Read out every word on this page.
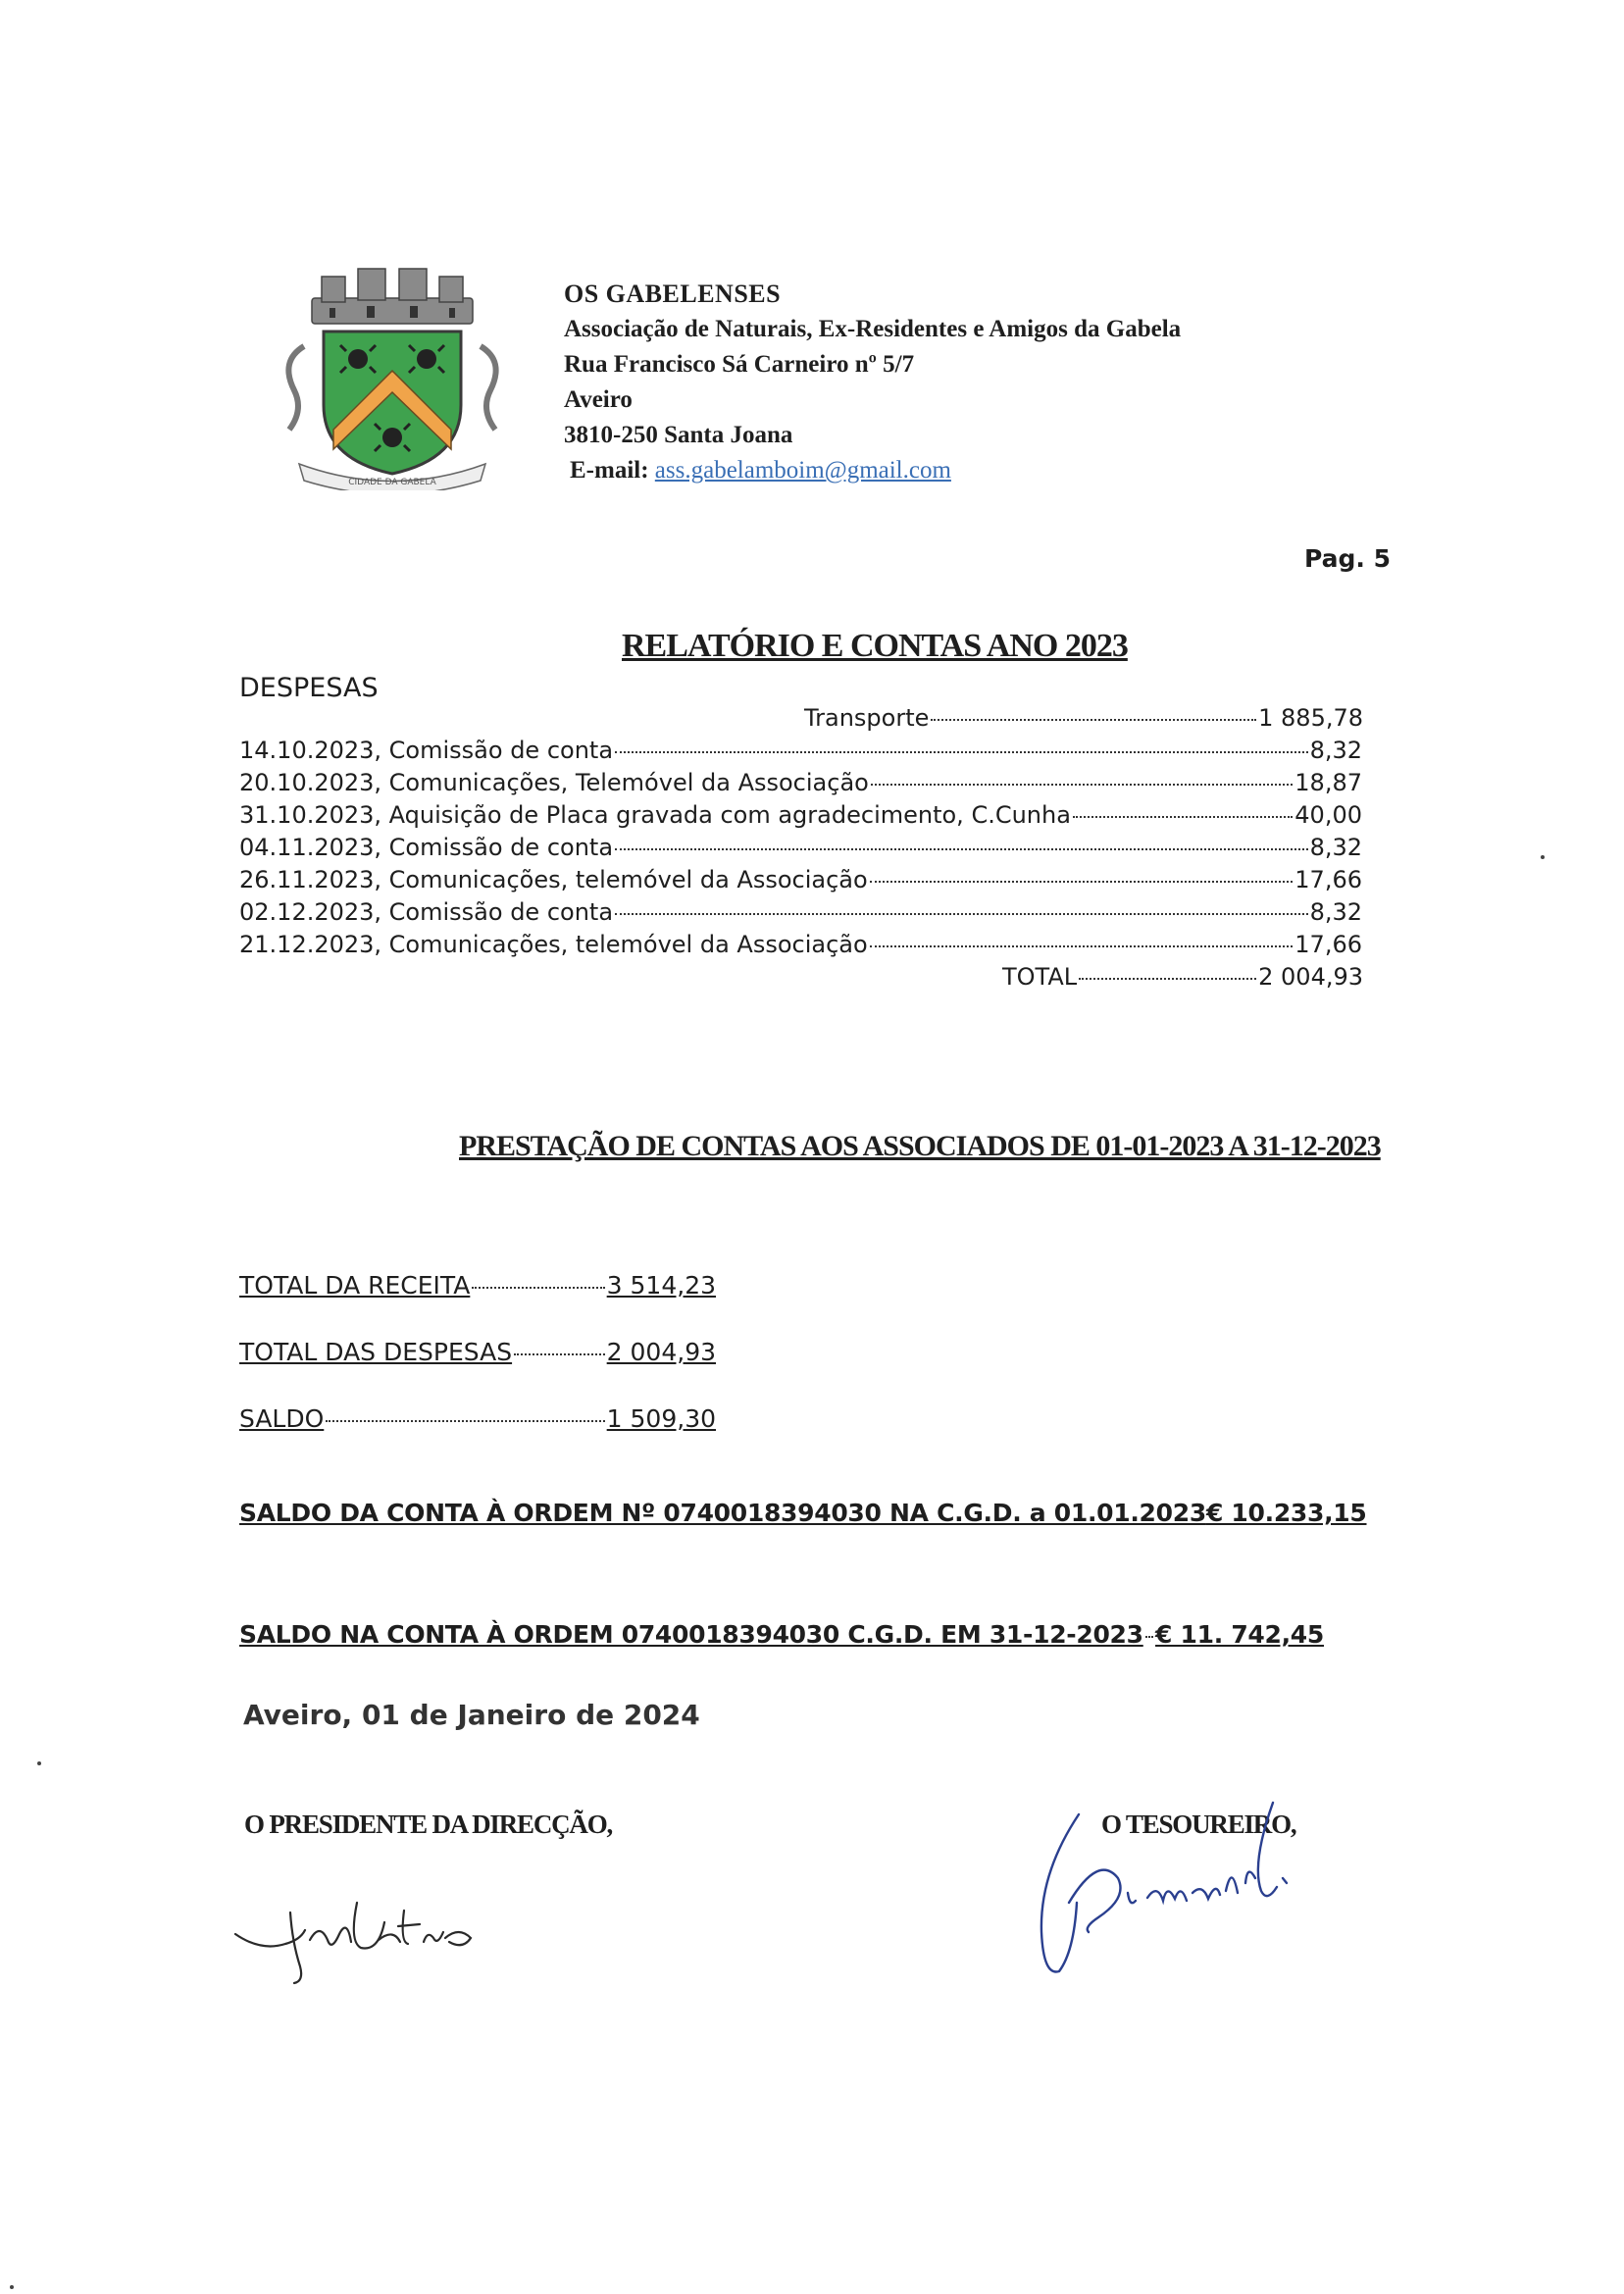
CIDADE DA GABELA
OS GABELENSES
Associação de Naturais, Ex-Residentes e Amigos da Gabela
Rua Francisco Sá Carneiro nº 5/7
Aveiro
3810-250 Santa Joana
E-mail: ass.gabelamboim@gmail.com
Pag. 5
RELATÓRIO E CONTAS ANO 2023
DESPESAS
Transporte	1 885,78
14.10.2023, Comissão de conta	8,32
20.10.2023, Comunicações, Telemóvel da Associação	18,87
31.10.2023, Aquisição de Placa gravada com agradecimento, C.Cunha	40,00
04.11.2023, Comissão de conta	8,32
26.11.2023, Comunicações, telemóvel da Associação	17,66
02.12.2023, Comissão de conta	8,32
21.12.2023, Comunicações, telemóvel da Associação	17,66
TOTAL	2 004,93
PRESTAÇÃO DE CONTAS AOS ASSOCIADOS DE 01-01-2023 A 31-12-2023
TOTAL DA RECEITA	3 514,23
TOTAL DAS DESPESAS	2 004,93
SALDO	1 509,30
SALDO DA CONTA À ORDEM Nº 0740018394030 NA C.G.D. a 01.01.2023 € 10.233,15
SALDO NA CONTA À ORDEM 0740018394030 C.G.D. EM 31-12-2023 € 11. 742,45
Aveiro, 01 de Janeiro de 2024
O PRESIDENTE DA DIRECÇÃO,	O TESOUREIRO,
